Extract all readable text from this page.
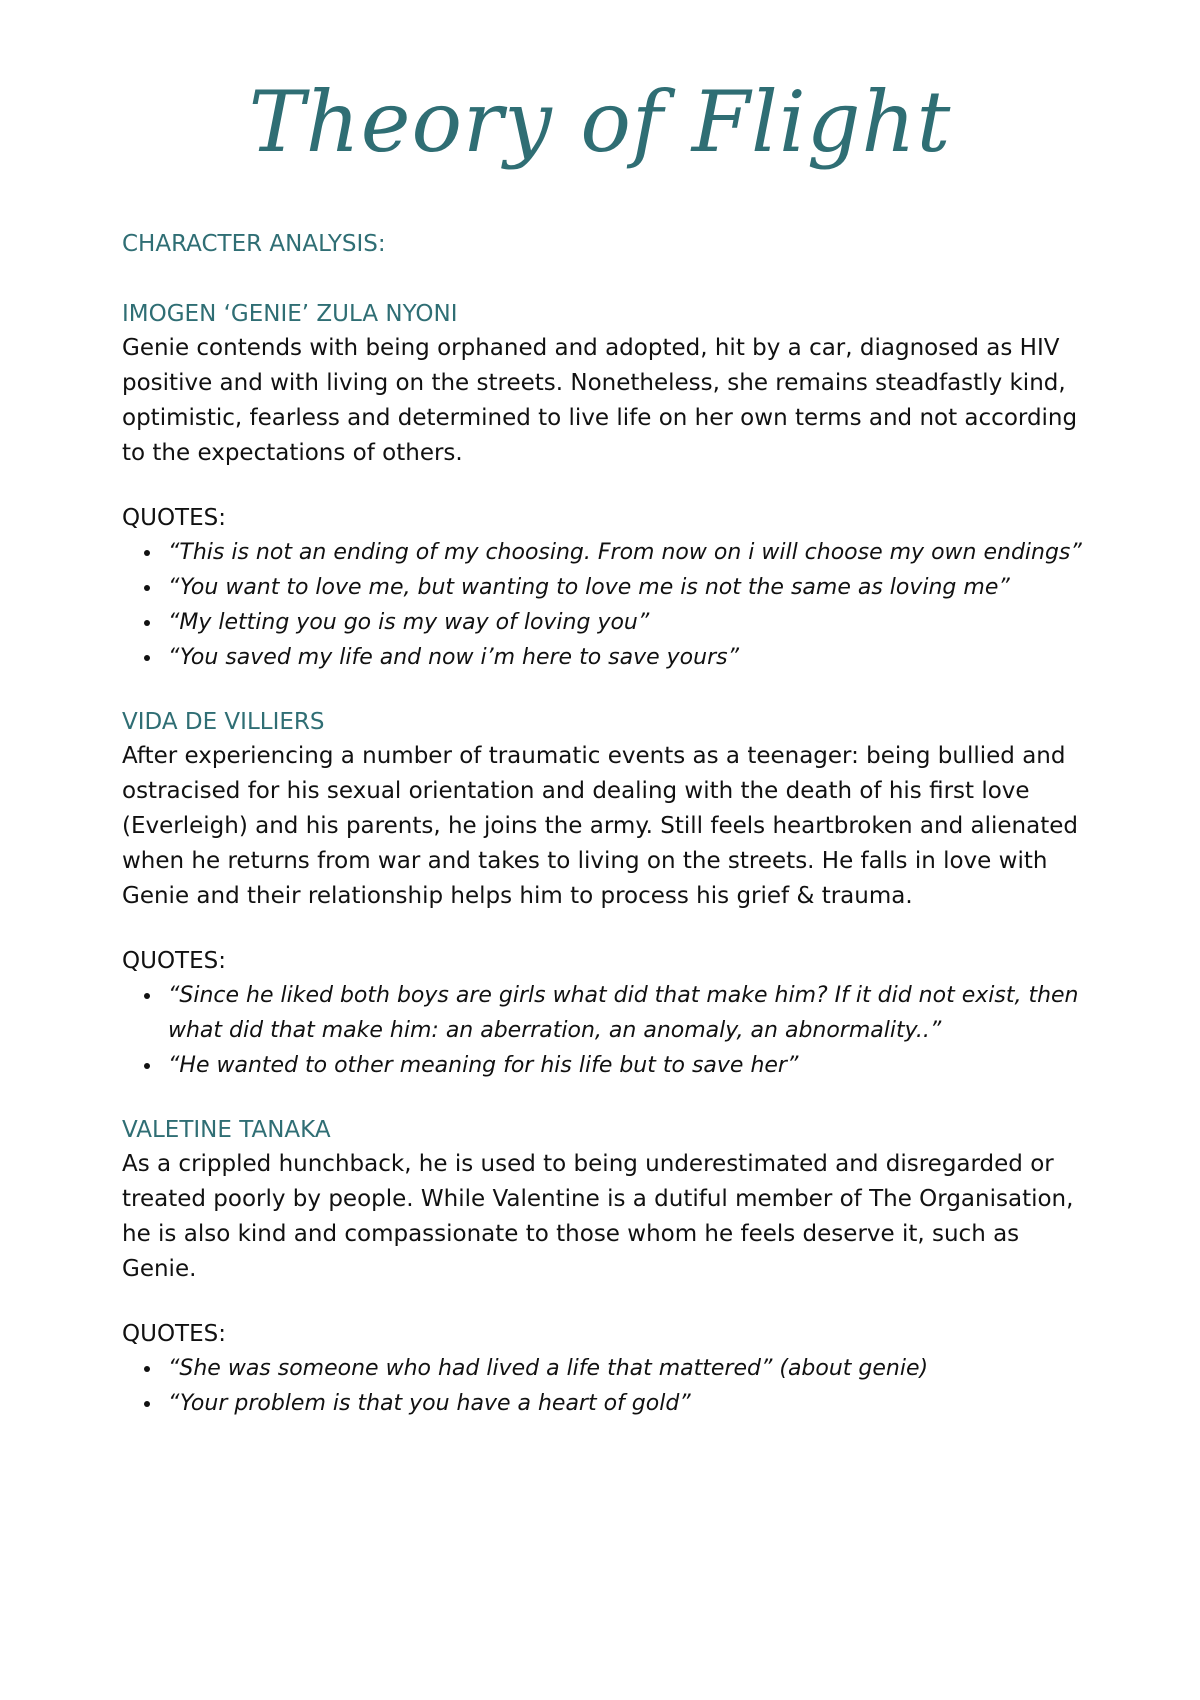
Theory of Flight

CHARACTER ANALYSIS:

IMOGEN ‘GENIE’ ZULA NYONI

Genie contends with being orphaned and adopted, hit by a car, diagnosed as HIV positive and with living on the streets. Nonetheless, she remains steadfastly kind, optimistic, fearless and determined to live life on her own terms and not according to the expectations of others.

QUOTES:

“This is not an ending of my choosing. From now on i will choose my own endings”
“You want to love me, but wanting to love me is not the same as loving me”
“My letting you go is my way of loving you”
“You saved my life and now i’m here to save yours”

VIDA DE VILLIERS

After experiencing a number of traumatic events as a teenager: being bullied and ostracised for his sexual orientation and dealing with the death of his first love (Everleigh) and his parents, he joins the army. Still feels heartbroken and alienated when he returns from war and takes to living on the streets. He falls in love with Genie and their relationship helps him to process his grief & trauma.

QUOTES:

“Since he liked both boys are girls what did that make him? If it did not exist, then what did that make him: an aberration, an anomaly, an abnormality..”
“He wanted to other meaning for his life but to save her”

VALETINE TANAKA

As a crippled hunchback, he is used to being underestimated and disregarded or treated poorly by people. While Valentine is a dutiful member of The Organisation, he is also kind and compassionate to those whom he feels deserve it, such as Genie.

QUOTES:

“She was someone who had lived a life that mattered” (about genie)
“Your problem is that you have a heart of gold”
